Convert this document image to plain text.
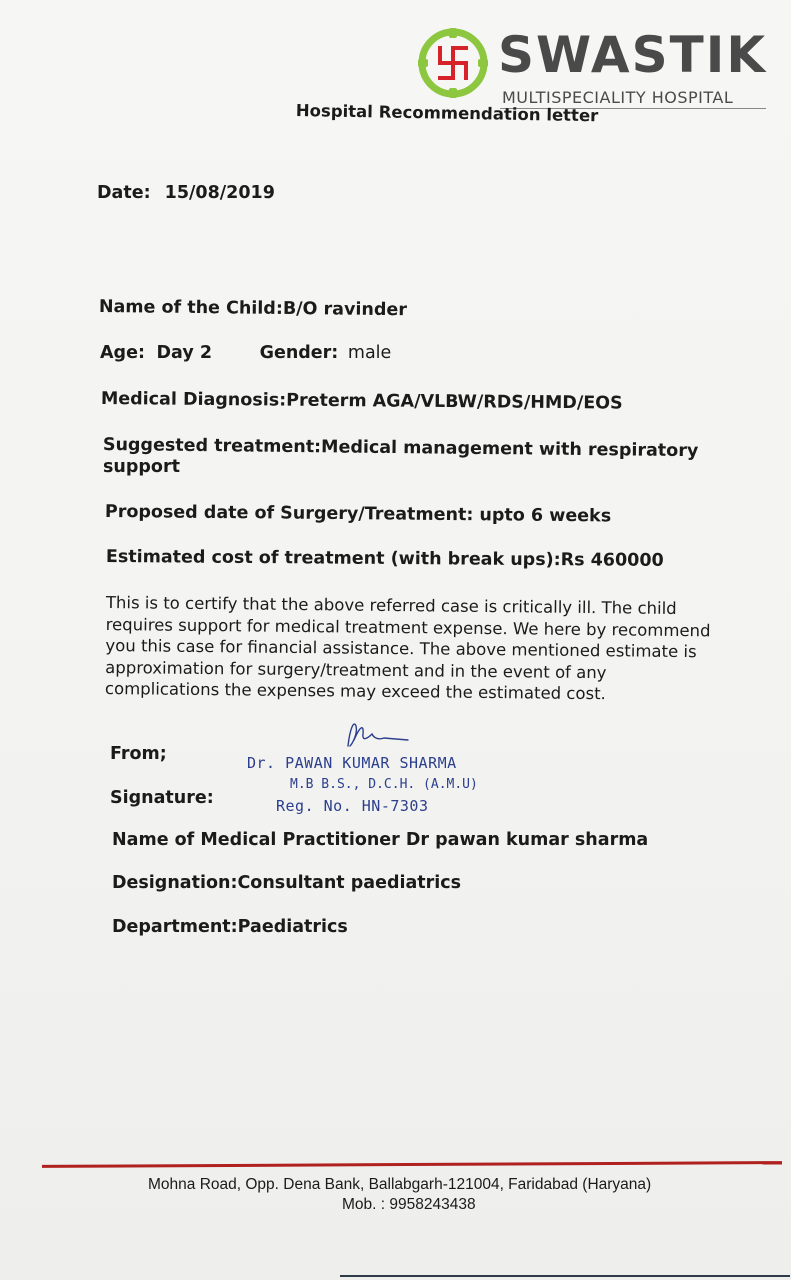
SWASTIK
MULTISPECIALITY HOSPITAL
Hospital Recommendation letter
Date: 15/08/2019
Name of the Child:B/O ravinder
Age: Day 2	Gender: male
Medical Diagnosis:Preterm AGA/VLBW/RDS/HMD/EOS
Suggested treatment:Medical management with respiratory
support
Proposed date of Surgery/Treatment: upto 6 weeks
Estimated cost of treatment (with break ups):Rs 460000
This is to certify that the above referred case is critically ill. The child requires support for medical treatment expense. We here by recommend you this case for financial assistance. The above mentioned estimate is approximation for surgery/treatment and in the event of any complications the expenses may exceed the estimated cost.
From;
Signature:
Dr. PAWAN KUMAR SHARMA
M.B B.S., D.C.H. (A.M.U)
Reg. No. HN-7303
Name of Medical Practitioner Dr pawan kumar sharma
Designation:Consultant paediatrics
Department:Paediatrics
Mohna Road, Opp. Dena Bank, Ballabgarh-121004, Faridabad (Haryana)
Mob. : 9958243438
